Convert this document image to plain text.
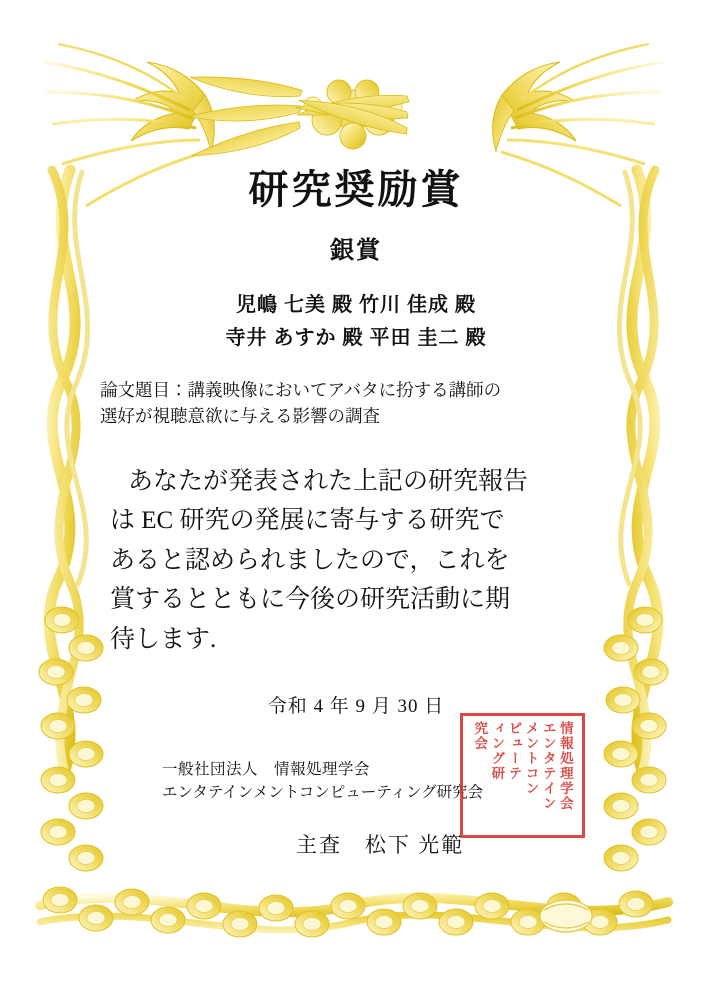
研究奨励賞
銀賞
児嶋 七美 殿 竹川 佳成 殿
寺井 あすか 殿 平田 圭二 殿
論文題目：講義映像においてアバタに扮する講師の
選好が視聴意欲に与える影響の調査
あなたが発表された上記の研究報告
は EC 研究の発展に寄与する研究で
あると認められましたので，これを
賞するとともに今後の研究活動に期
待します.
令和 4 年 9 月 30 日
一般社団法人　情報処理学会
エンタテインメントコンピューティング研究会
主査　松下 光範
情報処理学会
エンタテイン
メントコン
ピューテ
ィング研
究会
